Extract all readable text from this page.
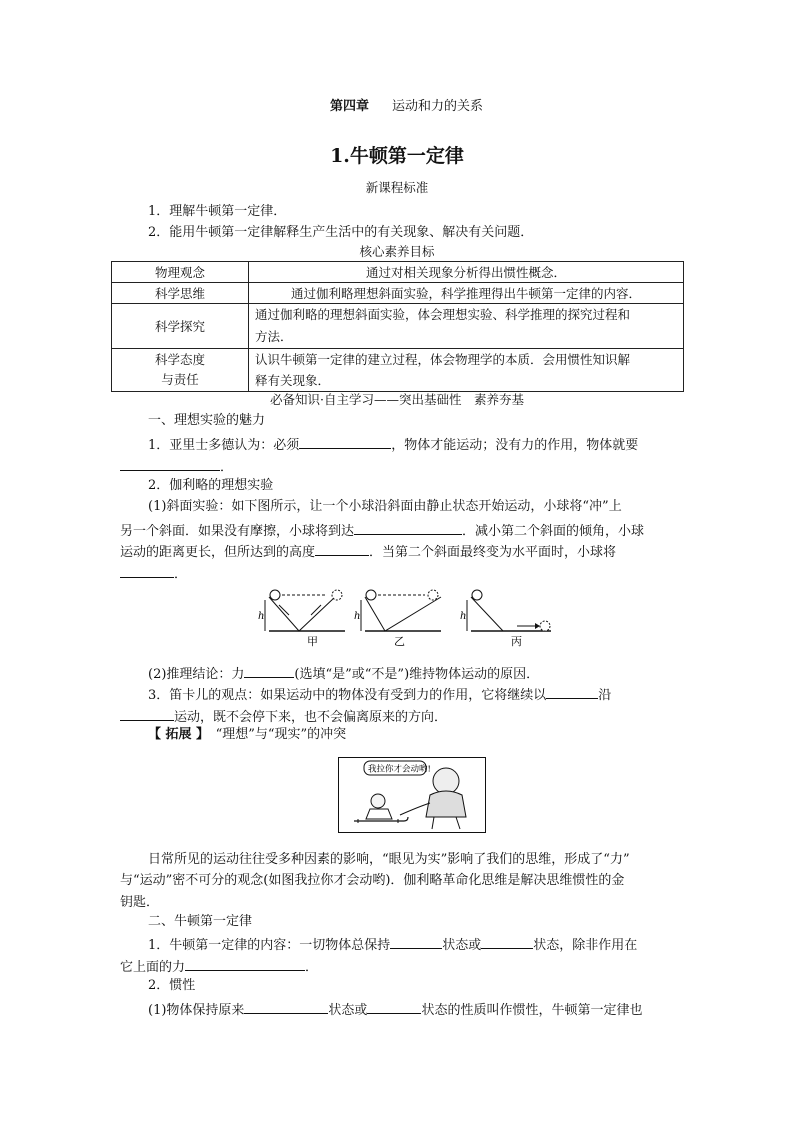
第四章 运动和力的关系
1.牛顿第一定律
新课程标准
1．理解牛顿第一定律．
2．能用牛顿第一定律解释生产生活中的有关现象、解决有关问题．
核心素养目标
物理观念	通过对相关现象分析得出惯性概念．
科学思维	通过伽利略理想斜面实验，科学推理得出牛顿第一定律的内容．
科学探究	通过伽利略的理想斜面实验，体会理想实验、科学推理的探究过程和
方法．
科学态度
与责任	认识牛顿第一定律的建立过程，体会物理学的本质．会用惯性知识解
释有关现象．
必备知识·自主学习——突出基础性　素养夯基
一、理想实验的魅力
1．亚里士多德认为：必须	，物体才能运动；没有力的作用，物体就要
．
2．伽利略的理想实验
(1)斜面实验：如下图所示，让一个小球沿斜面由静止状态开始运动，小球将“冲”上
另一个斜面．如果没有摩擦，小球将到达	．减小第二个斜面的倾角，小球
运动的距离更长，但所达到的高度	．当第二个斜面最终变为水平面时，小球将
．
h
甲
h
乙
h
丙
(2)推理结论：力	(选填“是”或“不是”)维持物体运动的原因．
3．笛卡儿的观点：如果运动中的物体没有受到力的作用，它将继续以	沿
运动，既不会停下来，也不会偏离原来的方向．
【 拓展 】　 “理想”与“现实”的冲突
我拉你才会动哟!
日常所见的运动往往受多种因素的影响，“眼见为实”影响了我们的思维，形成了“力”
与“运动”密不可分的观念(如图我拉你才会动哟)．伽利略革命化思维是解决思维惯性的金
钥匙．
二、牛顿第一定律
1．牛顿第一定律的内容：一切物体总保持	状态或	状态，除非作用在
它上面的力	．
2．惯性
(1)物体保持原来	状态或	状态的性质叫作惯性，牛顿第一定律也
